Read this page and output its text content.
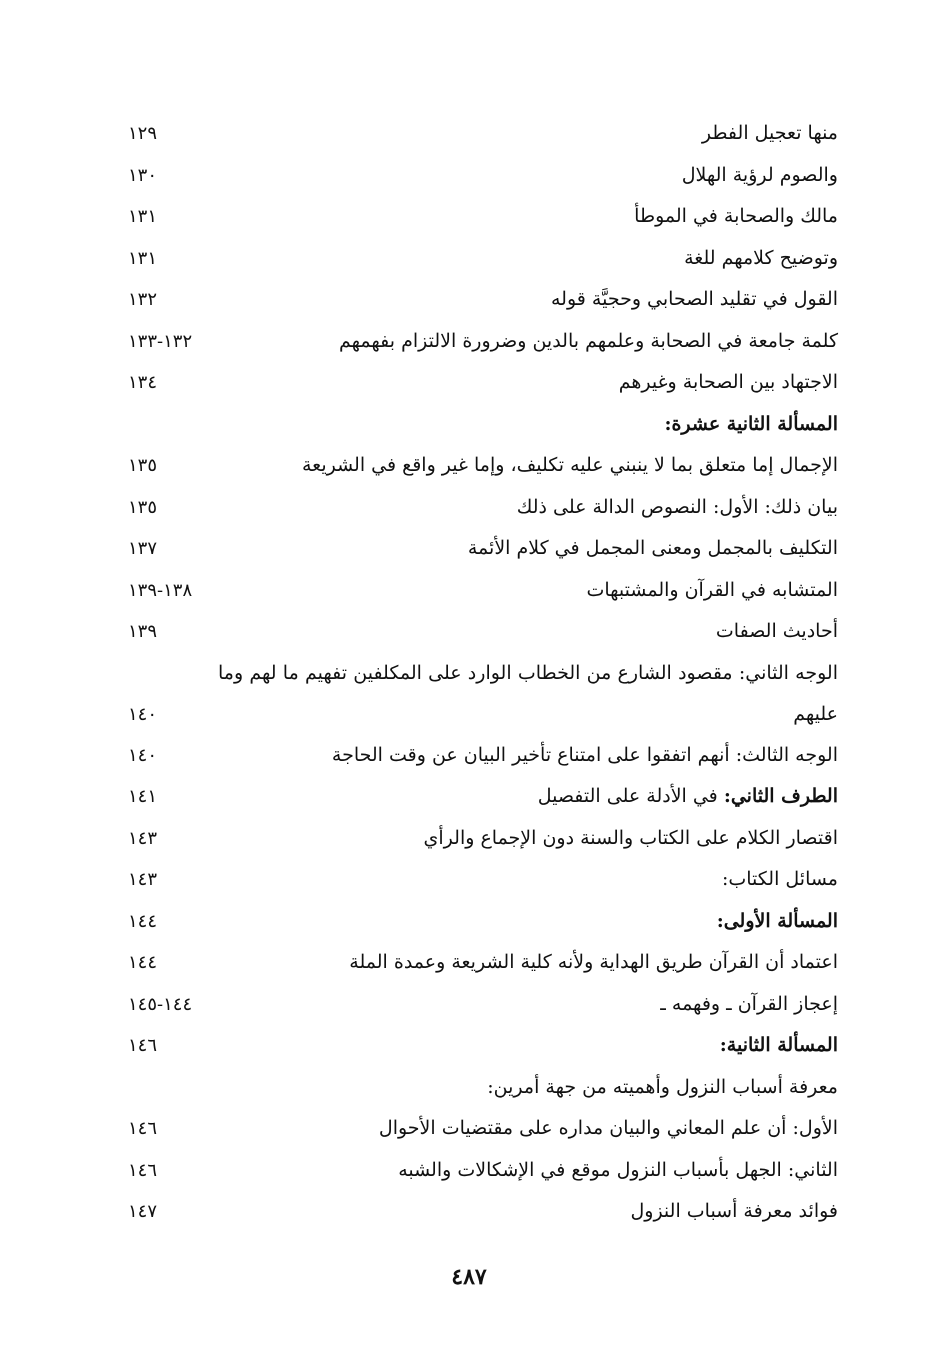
منها تعجيل الفطر
١٢٩
والصوم لرؤية الهلال
١٣٠
مالك والصحابة في الموطأ
١٣١
وتوضيح كلامهم للغة
١٣١
القول في تقليد الصحابي وحجيَّة قوله
١٣٢
كلمة جامعة في الصحابة وعلمهم بالدين وضرورة الالتزام بفهمهم
١٣٢-١٣٣
الاجتهاد بين الصحابة وغيرهم
١٣٤
المسألة الثانية عشرة:
الإجمال إما متعلق بما لا ينبني عليه تكليف، وإما غير واقع في الشريعة
١٣٥
بيان ذلك: الأول: النصوص الدالة على ذلك
١٣٥
التكليف بالمجمل ومعنى المجمل في كلام الأئمة
١٣٧
المتشابه في القرآن والمشتبهات
١٣٨-١٣٩
أحاديث الصفات
١٣٩
الوجه الثاني: مقصود الشارع من الخطاب الوارد على المكلفين تفهيم ما لهم وما عليهم
١٤٠
الوجه الثالث: أنهم اتفقوا على امتناع تأخير البيان عن وقت الحاجة
١٤٠
الطرف الثاني: في الأدلة على التفصيل
١٤١
اقتصار الكلام على الكتاب والسنة دون الإجماع والرأي
١٤٣
مسائل الكتاب:
١٤٣
المسألة الأولى:
١٤٤
اعتماد أن القرآن طريق الهداية ولأنه كلية الشريعة وعمدة الملة
١٤٤
إعجاز القرآن ـ وفهمه ـ
١٤٤-١٤٥
المسألة الثانية:
١٤٦
معرفة أسباب النزول وأهميته من جهة أمرين:
الأول: أن علم المعاني والبيان مداره على مقتضيات الأحوال
١٤٦
الثاني: الجهل بأسباب النزول موقع في الإشكالات والشبه
١٤٦
فوائد معرفة أسباب النزول
١٤٧
٤٨٧
